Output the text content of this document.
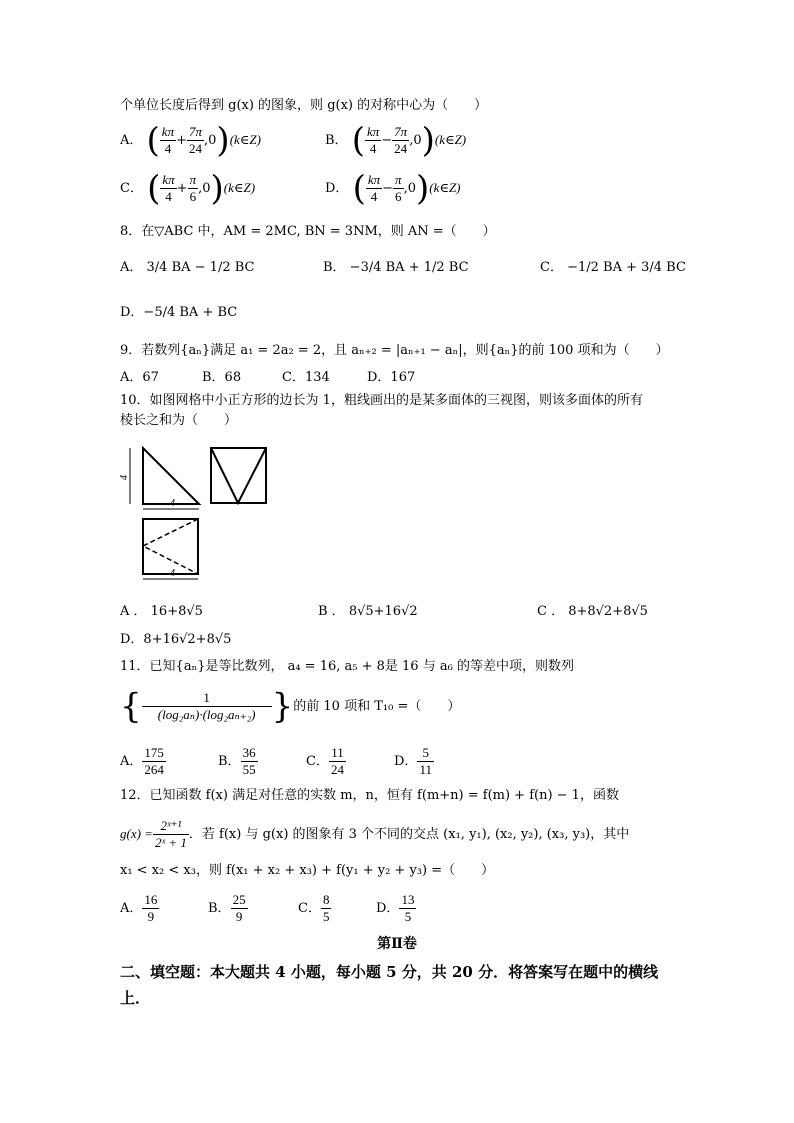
个单位长度后得到 g(x) 的图象，则 g(x) 的对称中心为（　　）
A． ( $\frac{k\pi}{4} + \frac{7\pi}{24}$ ,0)(k∈Z)	B． ( $\frac{k\pi}{4} - \frac{7\pi}{24}$ ,0)(k∈Z)
C． ( $\frac{k\pi}{4} + \frac{\pi}{6}$ ,0)(k∈Z)	D． ( $\frac{k\pi}{4} - \frac{\pi}{6}$ ,0)(k∈Z)
8．在▽ABC 中，AM = 2MC, BN = 3NM，则 AN =（　　）
A． 3/4 BA − 1/2 BC	B． −3/4 BA + 1/2 BC	C． −1/2 BA + 3/4 BC
D．−5/4 BA + BC
9．若数列{aₙ}满足 a₁ = 2a₂ = 2，且 aₙ₊₂ = |aₙ₊₁ − aₙ|，则{aₙ}的前 100 项和为（　　）
A．67	B．68	C．134	D．167
10．如图网格中小正方形的边长为 1，粗线画出的是某多面体的三视图，则该多面体的所有
棱长之和为（　　）
4
4
4
A ． 16+8√5	B ． 8√5+16√2	C ． 8+8√2+8√5
D．8+16√2+8√5
11．已知{aₙ}是等比数列， a₄ = 16, a₅ + 8是 16 与 a₆ 的等差中项，则数列
{ $\frac{1}{\text{(log₂aₙ)·(log₂aₙ₊₂)}}$ }的前 10 项和 T₁₀ =（　　）
A． $\frac{175}{264}$	B． $\frac{36}{55}$	C． $\frac{11}{24}$	D． $\frac{5}{11}$
12．已知函数 f(x) 满足对任意的实数 m，n，恒有 f(m+n) = f(m) + f(n) − 1，函数
$g(x) = \frac{\text{2ˣ⁺¹}}{\text{2ˣ + 1}}$ ．若 f(x) 与 g(x) 的图象有 3 个不同的交点 (x₁, y₁), (x₂, y₂), (x₃, y₃)，其中
x₁ < x₂ < x₃，则 f(x₁ + x₂ + x₃) + f(y₁ + y₂ + y₃) =（　　）
A． $\frac{16}{9}$	B． $\frac{25}{9}$	C． $\frac{8}{5}$	D． $\frac{13}{5}$
第Ⅱ卷
二、填空题：本大题共 4 小题，每小题 5 分，共 20 分．将答案写在题中的横线
上．
